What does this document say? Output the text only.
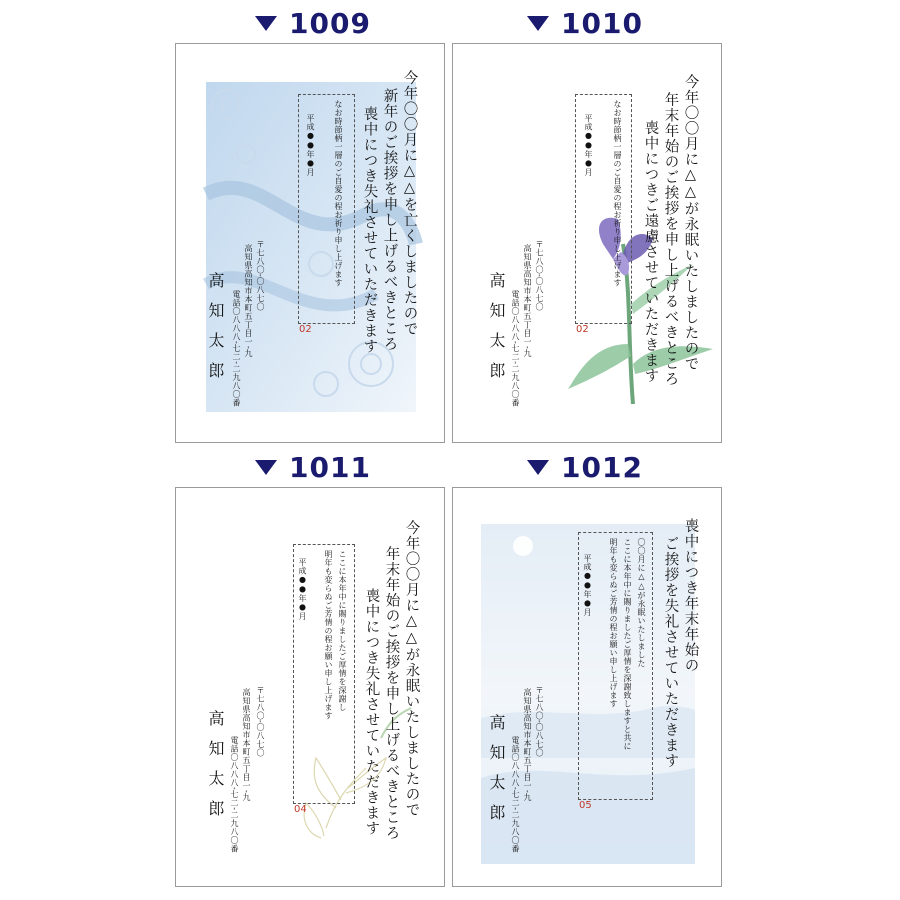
1009	1010
1011	1012
今年〇〇月に△△を亡くしましたので
新年のご挨拶を申し上げるべきところ
喪中につき失礼させていただきます
なお時節柄一層のご自愛の程お祈り申し上げます
平成●●年●月
02
〒七八〇-〇八七〇
高知県高知市本町五丁目一-九
電話〇八八八-七二-二九八〇番
高知太郎	今年〇〇月に△△が永眠いたしましたので
年末年始のご挨拶を申し上げるべきところ
喪中につきご遠慮させていただきます
なお時節柄一層のご自愛の程お祈り申し上げます
平成●●年●月
02
〒七八〇-〇八七〇
高知県高知市本町五丁目一-九
電話〇八八八-七二-二九八〇番
高知太郎
今年〇〇月に△△が永眠いたしましたので
年末年始のご挨拶を申し上げるべきところ
喪中につき失礼させていただきます
ここに本年中に賜りましたご厚情を深謝し
明年も変らぬご芳情の程お願い申し上げます
平成●●年●月
04
〒七八〇-〇八七〇
高知県高知市本町五丁目一-九
電話〇八八八-七二-二九八〇番
高知太郎
喪中につき年末年始の
ご挨拶を失礼させていただきます
〇〇月に△△が永眠いたしました
ここに本年中に賜りましたご厚情を深謝致しますと共に
明年も変らぬご芳情の程お願い申し上げます
平成●●年●月
05
〒七八〇-〇八七〇
高知県高知市本町五丁目一-九
電話〇八八八-七二-二九八〇番
高知太郎
